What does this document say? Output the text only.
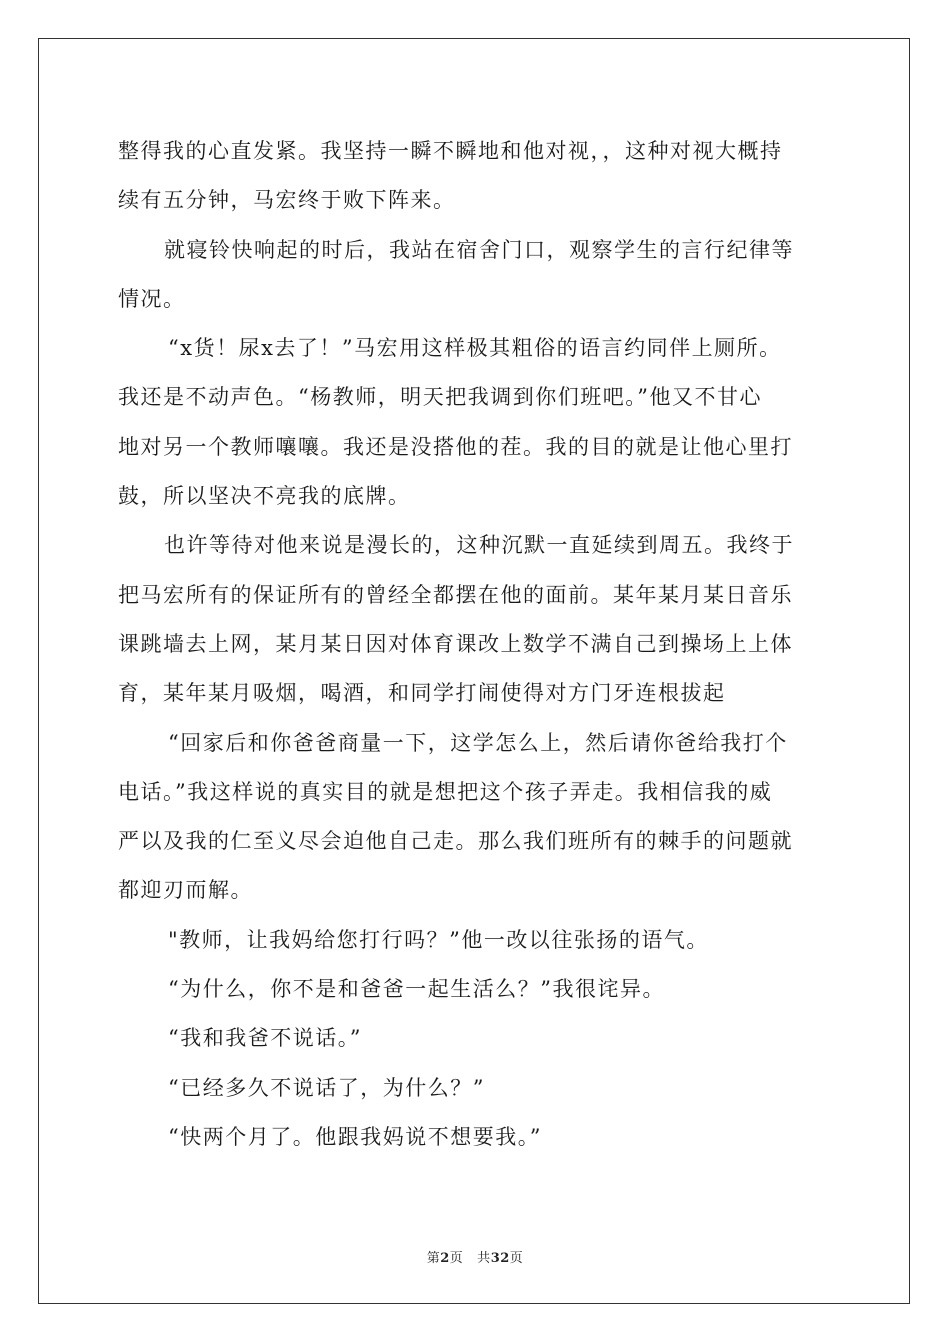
整得我的心直发紧。我坚持一瞬不瞬地和他对视，，这种对视大概持
续有五分钟，马宏终于败下阵来。
就寝铃快响起的时后，我站在宿舍门口，观察学生的言行纪律等
情况。
“x货！尿x去了！”马宏用这样极其粗俗的语言约同伴上厕所。
我还是不动声色。“杨教师，明天把我调到你们班吧。”他又不甘心
地对另一个教师嚷嚷。我还是没搭他的茬。我的目的就是让他心里打
鼓，所以坚决不亮我的底牌。
也许等待对他来说是漫长的，这种沉默一直延续到周五。我终于
把马宏所有的保证所有的曾经全都摆在他的面前。某年某月某日音乐
课跳墙去上网，某月某日因对体育课改上数学不满自己到操场上上体
育，某年某月吸烟，喝酒，和同学打闹使得对方门牙连根拔起
“回家后和你爸爸商量一下，这学怎么上，然后请你爸给我打个
电话。”我这样说的真实目的就是想把这个孩子弄走。我相信我的威
严以及我的仁至义尽会迫他自己走。那么我们班所有的棘手的问题就
都迎刃而解。
"教师，让我妈给您打行吗？”他一改以往张扬的语气。
“为什么，你不是和爸爸一起生活么？”我很诧异。
“我和我爸不说话。”
“已经多久不说话了，为什么？”
“快两个月了。他跟我妈说不想要我。”
第2页 共32页
